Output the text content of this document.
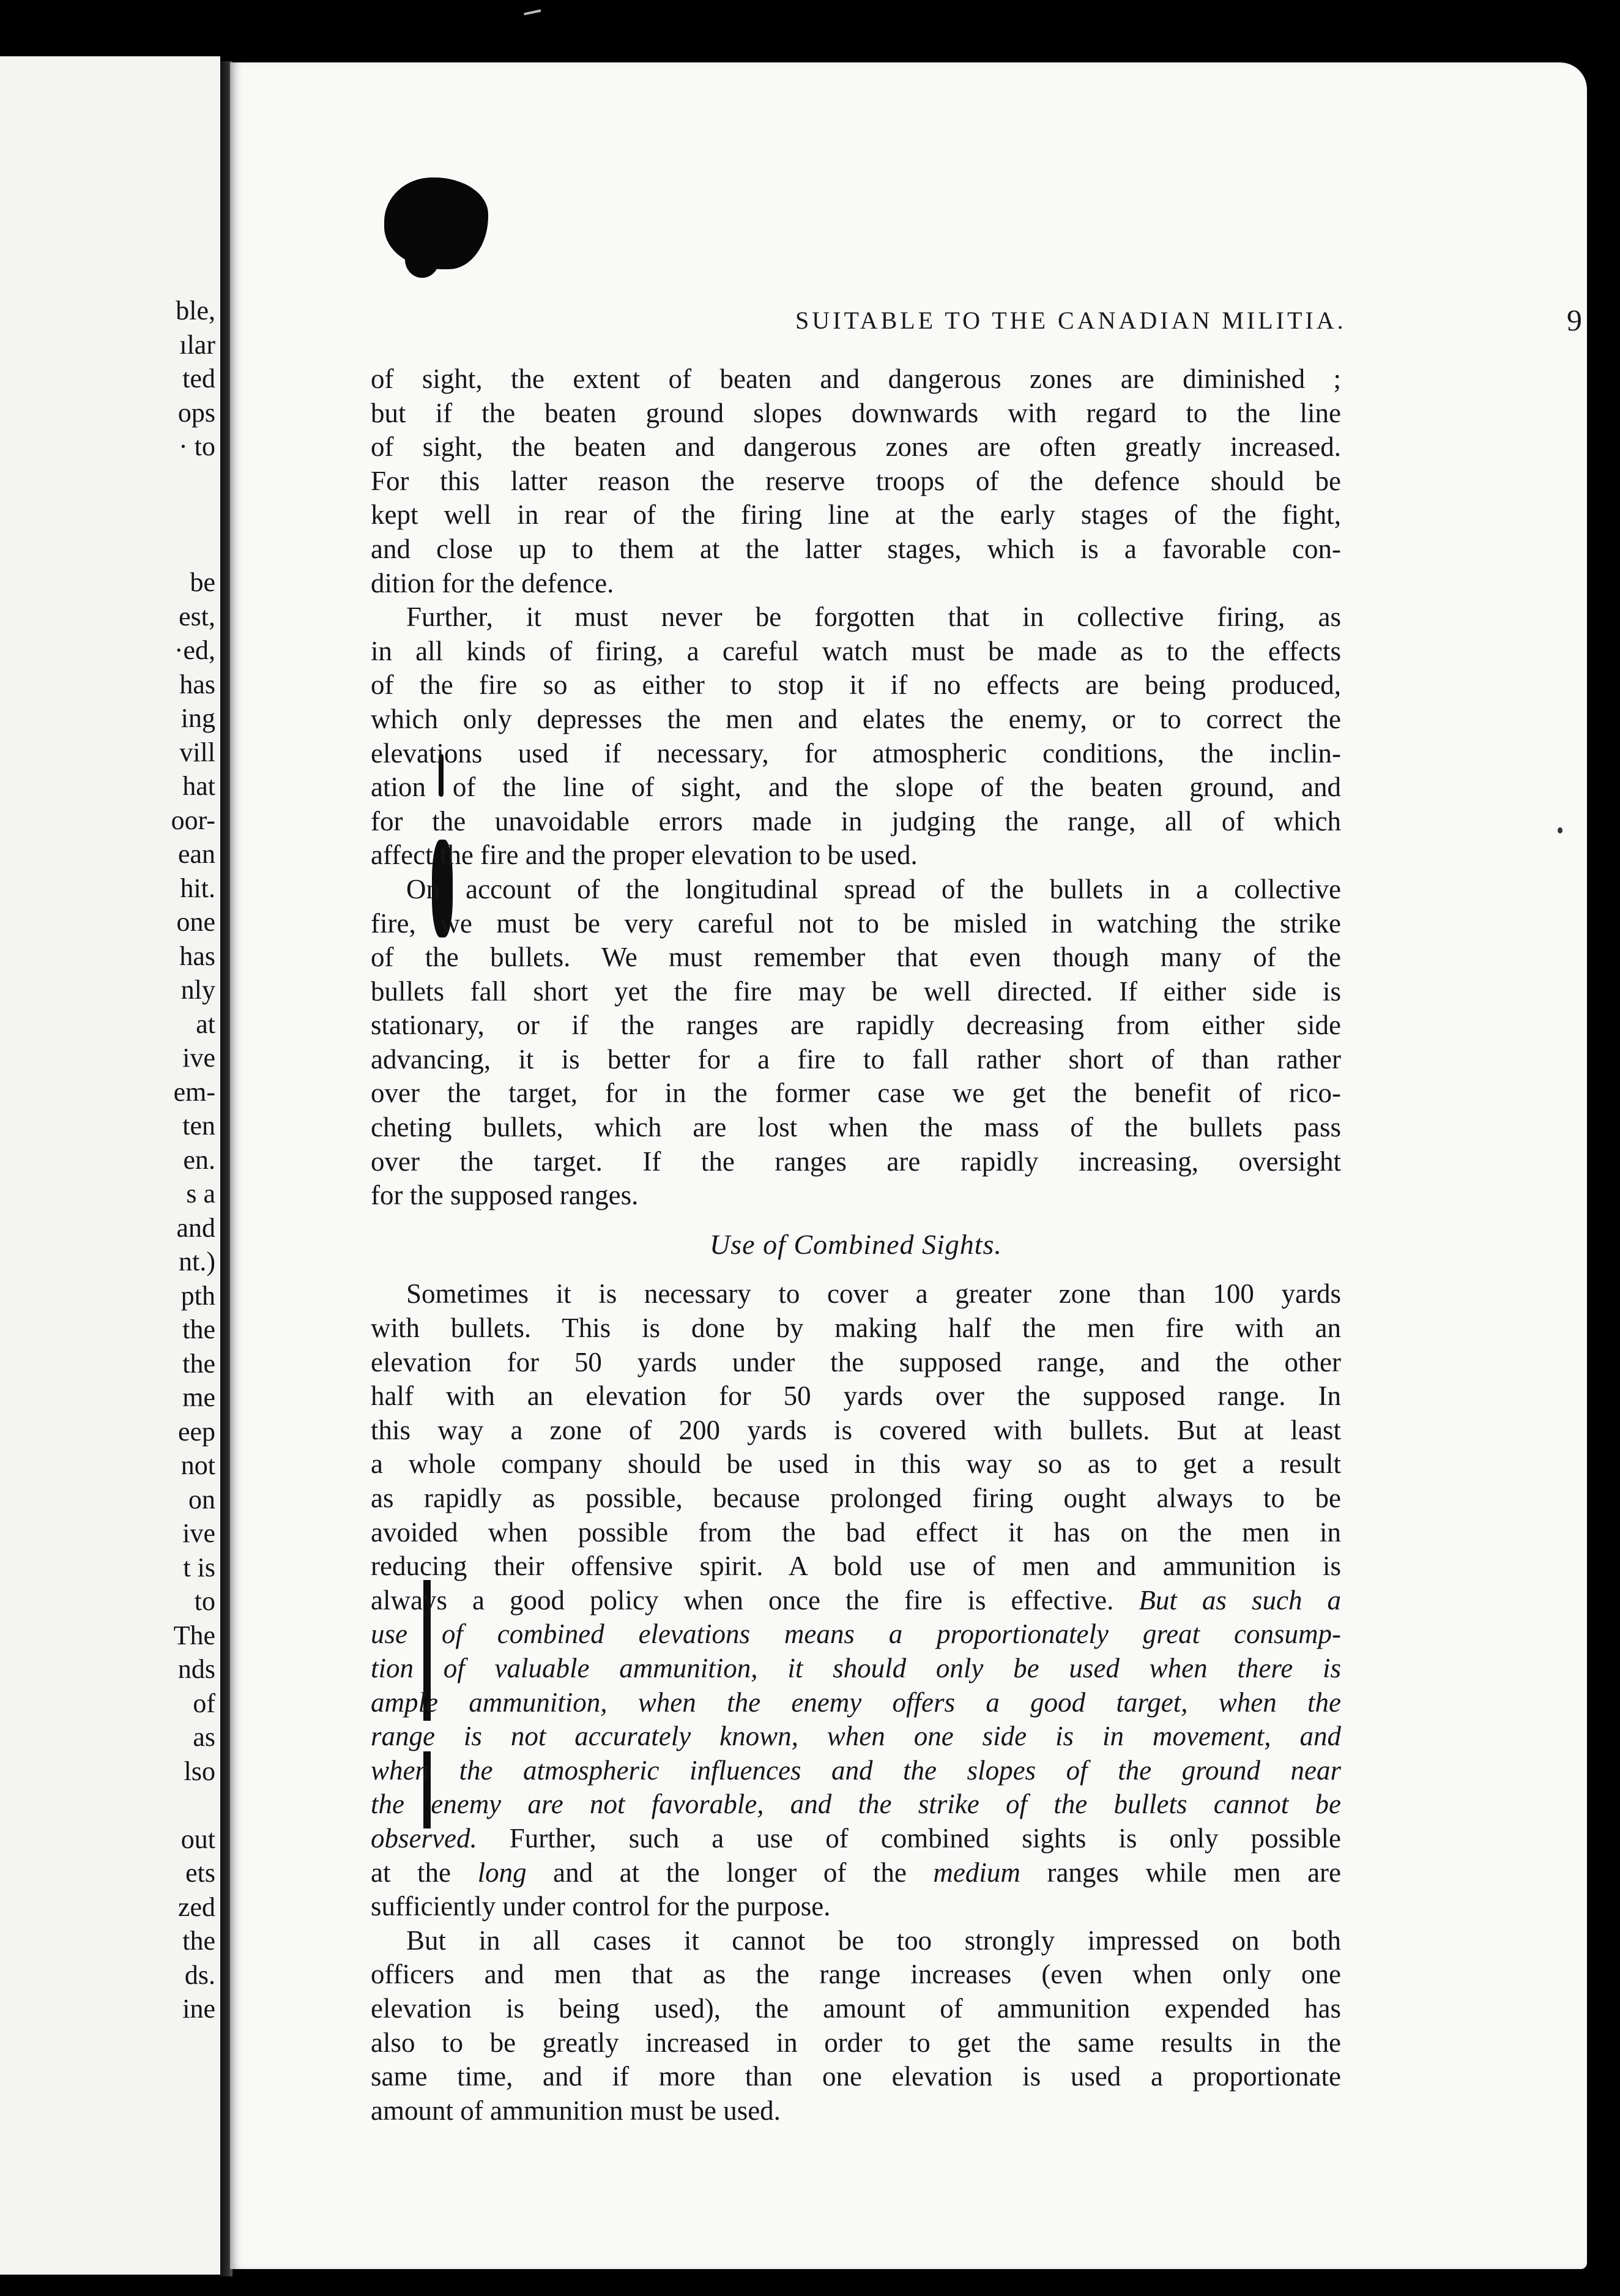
ble,
ılar
ted
ops
· to
be
est,
·ed,
has
ing
vill
hat
oor-
ean
hit.
one
has
nly
at
ive
em-
ten
en.
s a
and
nt.)
pth
the
the
me
eep
not
on
ive
t is
to
The
nds
of
as
lso
out
ets
zed
the
ds.
ine
SUITABLE TO THE CANADIAN MILITIA.	9
of sight, the extent of beaten and dangerous zones are diminished ;
but if the beaten ground slopes downwards with regard to the line
of sight, the beaten and dangerous zones are often greatly increased.
For this latter reason the reserve troops of the defence should be
kept well in rear of the firing line at the early stages of the fight,
and close up to them at the latter stages, which is a favorable con-
dition for the defence.
Further, it must never be forgotten that in collective firing, as
in all kinds of firing, a careful watch must be made as to the effects
of the fire so as either to stop it if no effects are being produced,
which only depresses the men and elates the enemy, or to correct the
elevations used if necessary, for atmospheric conditions, the inclin-
ation of the line of sight, and the slope of the beaten ground, and
for the unavoidable errors made in judging the range, all of which
affect the fire and the proper elevation to be used.
On account of the longitudinal spread of the bullets in a collective
fire, we must be very careful not to be misled in watching the strike
of the bullets. We must remember that even though many of the
bullets fall short yet the fire may be well directed. If either side is
stationary, or if the ranges are rapidly decreasing from either side
advancing, it is better for a fire to fall rather short of than rather
over the target, for in the former case we get the benefit of rico-
cheting bullets, which are lost when the mass of the bullets pass
over the target. If the ranges are rapidly increasing, oversight
for the supposed ranges.
Use of Combined Sights.
Sometimes it is necessary to cover a greater zone than 100 yards
with bullets. This is done by making half the men fire with an
elevation for 50 yards under the supposed range, and the other
half with an elevation for 50 yards over the supposed range. In
this way a zone of 200 yards is covered with bullets. But at least
a whole company should be used in this way so as to get a result
as rapidly as possible, because prolonged firing ought always to be
avoided when possible from the bad effect it has on the men in
reducing their offensive spirit. A bold use of men and ammunition is
always a good policy when once the fire is effective. But as such a
use of combined elevations means a proportionately great consump-
tion of valuable ammunition, it should only be used when there is
ample ammunition, when the enemy offers a good target, when the
range is not accurately known, when one side is in movement, and
when the atmospheric influences and the slopes of the ground near
the enemy are not favorable, and the strike of the bullets cannot be
observed. Further, such a use of combined sights is only possible
at the long and at the longer of the medium ranges while men are
sufficiently under control for the purpose.
But in all cases it cannot be too strongly impressed on both
officers and men that as the range increases (even when only one
elevation is being used), the amount of ammunition expended has
also to be greatly increased in order to get the same results in the
same time, and if more than one elevation is used a proportionate
amount of ammunition must be used.
